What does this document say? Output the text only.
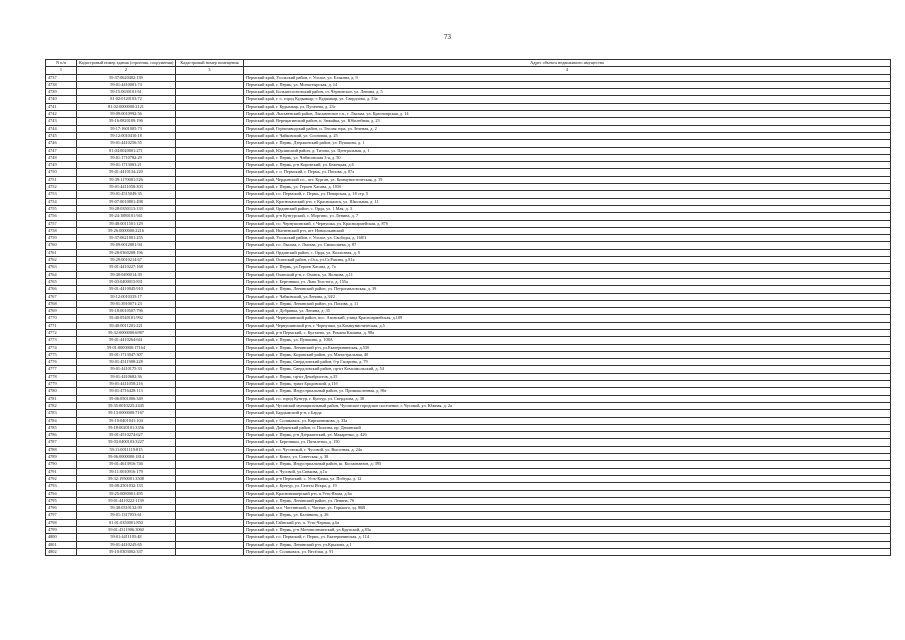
73
N п/п	Кадастровый номер здания (строения, сооружения)	Кадастровый номер помещения	Адрес объекта недвижимого имущества
1	2	3	4
4737	59:37:0620402:139		Пермский край, Усольский район, г. Усолье, ул. Елькина, д. 9
4738	59:01:4410001:74		Пермский край, г. Пермь, ул. Монастырская, д. 14
4739	59:15:0630101:61		Пермский край, Большесосновский район, ст. Черновское, ул. Ленина, д. 5
4740	81:02:0120103:72		Пермский край, г. о. город Кудымкар, г. Кудымкар, ул. Свердлова, д. 53а
4741	81:02:0000000:2121		Пермский край, г. Кудымкар, ул. Пугачева, д. 23г
4742	59:09:0010992:56		Пермский край, Лысьвенский район, Лысьвенское г.п., г. Лысьва, ул. Красноярская, д. 14
4743	59:16:0820109:196		Пермский край, Верещагинский район, п. Зюкайка, ул. Юбилейная, д. 23
4744	59:17:1601005:73		Пермский край, Горнозаводский район, п. Теплая гора, ул. Зеленая, д. 2
4745	59:12:0010410:18		Пермский край, г. Чайковский, ул. Сосновая, д. 25
4746	59:01:4410256:55		Пермский край, г. Пермь, Дзержинский район, ул. Пушкина, д. 1
4747	81:04:0020001:271		Пермский край, Юрлинский район, д. Титова, ул. Центральная, д. 1
4748	59:01:1710782:29		Пермский край, г. Пермь, ул. Чибисовская 3-я, д. 50
4749	59:01:1713063:21		Пермский край, г. Пермь, р-н Кировский, ул. Бежецкая, д.6
4750	59:01:4410134:220		Пермский край, г. о. Пермский, г. Пермь, ул. Попова, д. 87а
4751	59:39:1170001:526		Пермский край, Чердынский г.о., пгт. Курган, ул. Коммунистическая, д. 19
4752	59:01:4411058:303		Пермский край, г. Пермь, ул. Героев Хасана, д. 105б
4753	59:01:4515049:35		Пермский край, г.о. Пермский, г. Пермь, ул. Поварская, д. 18 стр. 5
4754	59:07:0010801:498		Пермский край, Краснокамский р-н, г. Краснокамск, ул. Школьная, д. 11
4755	59:28:0350113:133		Пермский край, Ординский район, с. Орда, ул. 1 Мая, д. 3
4756	59:24:1880101:941		Пермский край, р-н Кунгурский, с. Моргино, ул. Ленина, д. 7
4757	59:40:0011501:129		Пермский край, г.о. Чернушинский, г. Чернушка, ул. Красноармейская, д. 87б
4758	59:26:0000000:2216		Пермский край, Нытвенский р-н, пгт Новоильинский
4759	59:37:0621001:255		Пермский край, Усольский район, г. Усолье, ул. Свободы, д. 168/1
4760	59:09:0012801:94		Пермский край, г.о. Лысьва, г. Лысьва, ул. Смышляева, д. 87
4761	59:28:0360208:196		Пермский край, Ординский район, с. Орда, ул. Колхозная, д. 9
4762	59:29:0010214:67		Пермский край, Осинский район, г.Оса, ул.Ст.Разина, д.81а
4763	59:01:4410227:168		Пермский край, г. Пермь, ул.Героев Хасана, д. 7а
4764	59:30:0490014:39		Пермский край, Оханский р-н, г. Оханск, ул. Волкова, д.11
4765	59:03:0400015:831		Пермский край, г. Березники, ул. Льва Толстого, д. 155а
4766	59:01:4410045:910		Пермский край, г. Пермь, Ленинский район, ул. Петропавловская, д. 39
4767	59:12:0010335:17		Пермский край, г. Чайковский, ул.Ленина, д.34/2
4768	59:01:3910071:23		Пермский край, г. Пермь, Ленинский район, ул. Попова, д. 11
4769	59:18:0010507:796		Пермский край, г. Добрянка, ул. Ленина, д. 35
4770	59:40:0540101:992		Пермский край, Чернушинский район, пос. Азинский, улица Красноармейская, д.109
4771	59:40:0011201:221		Пермский край, Чернушинский р-н, г. Чернушка, ул.Коммунистическая, д.5
4772	59:32:0000000:6987		Пермский край, р-н Пермский, с. Култаево, ул. Романа Кашина, д. 98а
4773	59:01:4410264:641		Пермский край, г. Пермь, ул. Пушкина, д. 108А
4774	59:01:0000000:17164		Пермский край, г. Пермь, Ленинский р-н, ул.Екатерининская, д.53б
4775	59:01:1713047:307		Пермский край, г. Пермь, Кировский район, ул. Магистральная, 40
4776	59:01:4511908:228		Пермский край, г. Пермь, Свердловский район, б-р Гагарина, д. 79
4777	59:01:4410175:33		Пермский край, г. Пермь, Свердловский район, пр-кт Комсомольский, д. 54
4778	59:01:4410682:36		Пермский край, г. Пермь, пр-кт Декабристов, д.35
4779	59:01:4411058:216		Пермский край, г. Пермь, тракт Бродовский, д.11б
4780	59:01:4716428:113		Пермский край, г. Пермь, Индустриальный район, ул. Промышленная, д. 86г
4781	59:06:0501006:349		Пермский край, г.о. город Кунгур, г. Кунгур, ул. Свердлова, д. 38
4782	59:35:0010225:2445		Пермский край, Чусовской муниципальный район, Чусовское городское поселение, г. Чусовой, ул. Южная, д. 2а
4783	59:13:0000000:7167		Пермский край, Бардымский р-н, с.Барда
4784	59:10:0401041:104		Пермский край, г. Соликамск, ул. Кирпичникова, д. 33а
4785	59:18:0020101:3356		Пермский край, Добрянский район, п. Полазна, пр. Дачинский
4786	59:01:4510274:627		Пермский край, г. Пермь, р-н Дзержинский, ул. Макаренко, д. 42б
4787	59:03:0400103:3227		Пермский край, г. Березники, ул. Пятилетки, д. 150
4788	59:11:0011119:815		Пермский край, г.о. Чусовской, г. Чусовой, ул. Высотная, д. 24а
4789	59:06:0000000:1814		Пермский край, г. Кизел, ул. Советская, д. 38
4790	59:01:4613916:746		Пермский край, г. Пермь, Индустриальный район, ш. Космонавтов, д. 395
4791	59:11:0010916:179		Пермский край, г. Чусовой, ул.Сивкова, д.1а
4792	59:32:1950001:3508		Пермский край, р-н Пермский, с. Усть-Качка, ул. Победы, д. 12
4793	59:08:2501032:133		Пермский край, г. Кунгур, ул. Газеты Искра, д. 19
4794	59:25:0080001:495		Пермский край, Красновишерский р-н, п.Усть-Язьва, д.6а
4795	59:01:4410222:1139		Пермский край, г. Пермь, Ленинский район, ул. Ленина, 76
4796	59:38:0310132:99		Пермский край, м.о. Частинский, с. Частые, ул. Горького, зд. 86В
4797	59:01:1317053:61		Пермский край, г. Пермь, ул. Калинина, д. 26
4798	81:01:0350001:850		Пермский край, Гайнский р-н, п. Усть-Черная, д.6а
4799	59:01:4311906:3060		Пермский край, г. Пермь, р-н Мотовилихинский, ул.Крупской, д.83а
4800	59:01:4411105:48		Пермский край, г.о. Пермский, г. Пермь, ул. Екатерининская, д. 114
4801	59:01:4410245:65		Пермский край, г. Пермь, Ленинский р-н, ул.Крылова, д.1
4802	59:10:0303002:337		Пермский край, г. Соликамск, ул. Весёлая, д. 91
